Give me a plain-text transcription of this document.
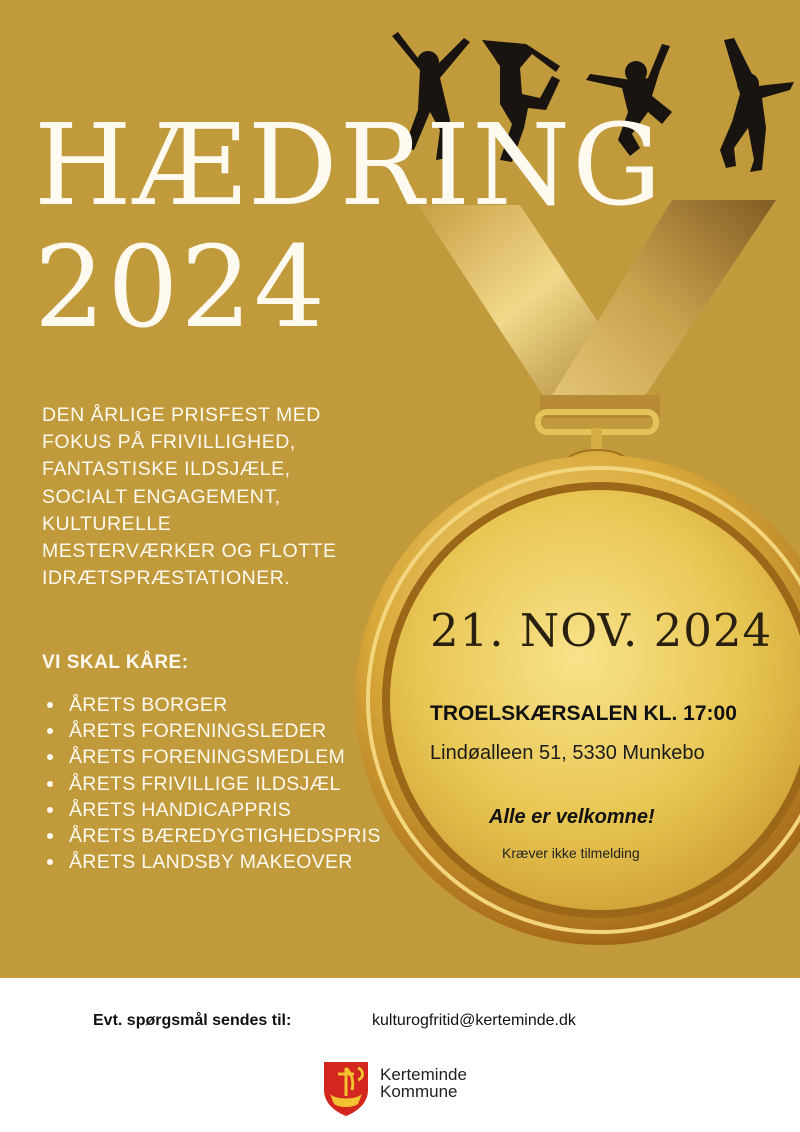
HÆDRING
2024

DEN ÅRLIGE PRISFEST MED
FOKUS PÅ FRIVILLIGHED,
FANTASTISKE ILDSJÆLE,
SOCIALT ENGAGEMENT,
KULTURELLE
MESTERVÆRKER OG FLOTTE
IDRÆTSPRÆSTATIONER.

VI SKAL KÅRE:

ÅRETS BORGER
ÅRETS FORENINGSLEDER
ÅRETS FORENINGSMEDLEM
ÅRETS FRIVILLIGE ILDSJÆL
ÅRETS HANDICAPPRIS
ÅRETS BÆREDYGTIGHEDSPRIS
ÅRETS LANDSBY MAKEOVER

21. NOV. 2024

TROELSKÆRSALEN KL. 17:00

Lindøalleen 51, 5330 Munkebo

Alle er velkomne!

Kræver ikke tilmelding

Evt. spørgsmål sendes til:	kulturogfritid@kerteminde.dk

Kerteminde
Kommune
